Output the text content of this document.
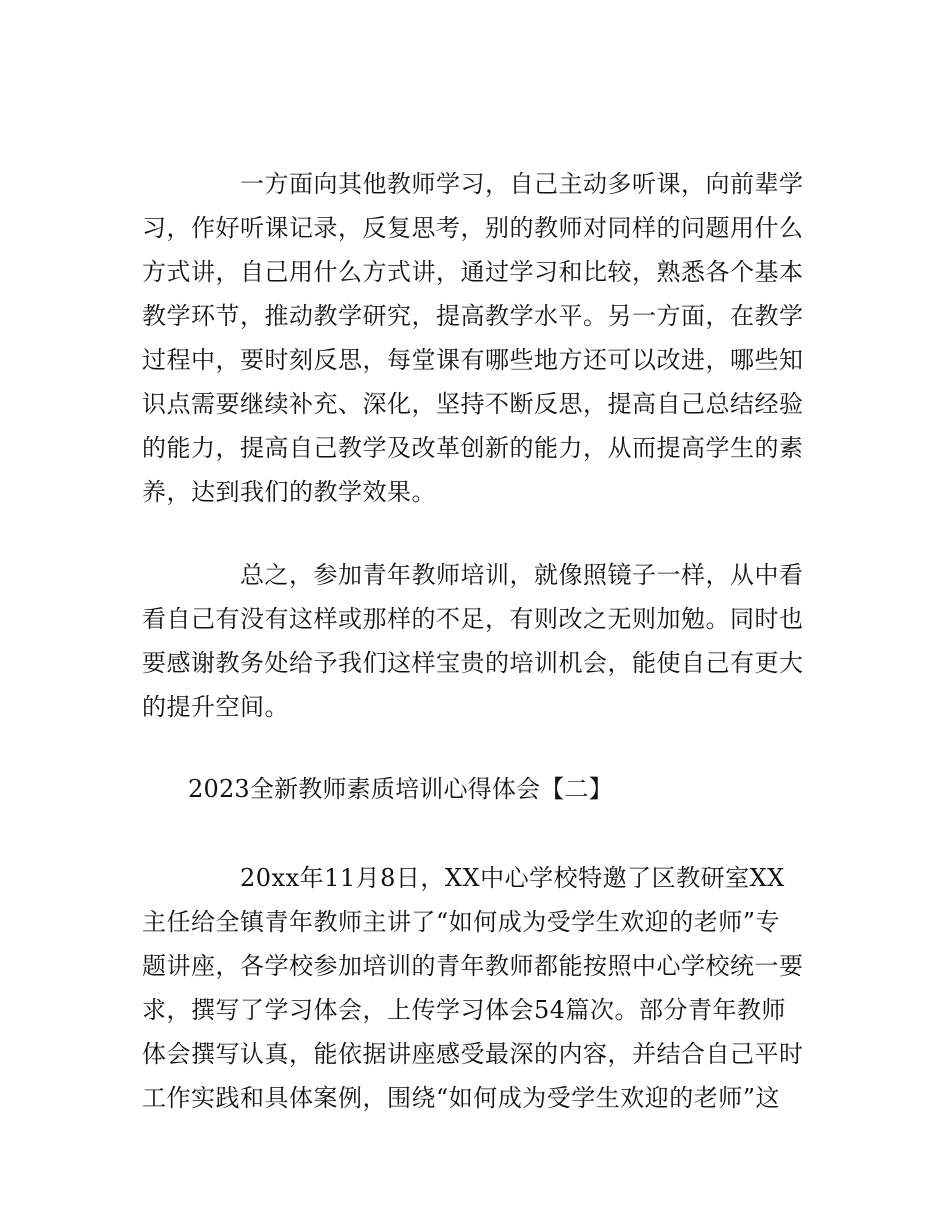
一方面向其他教师学习，自己主动多听课，向前辈学
习，作好听课记录，反复思考，别的教师对同样的问题用什么
方式讲，自己用什么方式讲，通过学习和比较，熟悉各个基本
教学环节，推动教学研究，提高教学水平。另一方面，在教学
过程中，要时刻反思，每堂课有哪些地方还可以改进，哪些知
识点需要继续补充、深化，坚持不断反思，提高自己总结经验
的能力，提高自己教学及改革创新的能力，从而提高学生的素
养，达到我们的教学效果。
总之，参加青年教师培训，就像照镜子一样，从中看
看自己有没有这样或那样的不足，有则改之无则加勉。同时也
要感谢教务处给予我们这样宝贵的培训机会，能使自己有更大
的提升空间。
2023全新教师素质培训心得体会【二】
20xx年11月8日，XX中心学校特邀了区教研室XX
主任给全镇青年教师主讲了“如何成为受学生欢迎的老师”专
题讲座，各学校参加培训的青年教师都能按照中心学校统一要
求，撰写了学习体会，上传学习体会54篇次。部分青年教师
体会撰写认真，能依据讲座感受最深的内容，并结合自己平时
工作实践和具体案例，围绕“如何成为受学生欢迎的老师”这
